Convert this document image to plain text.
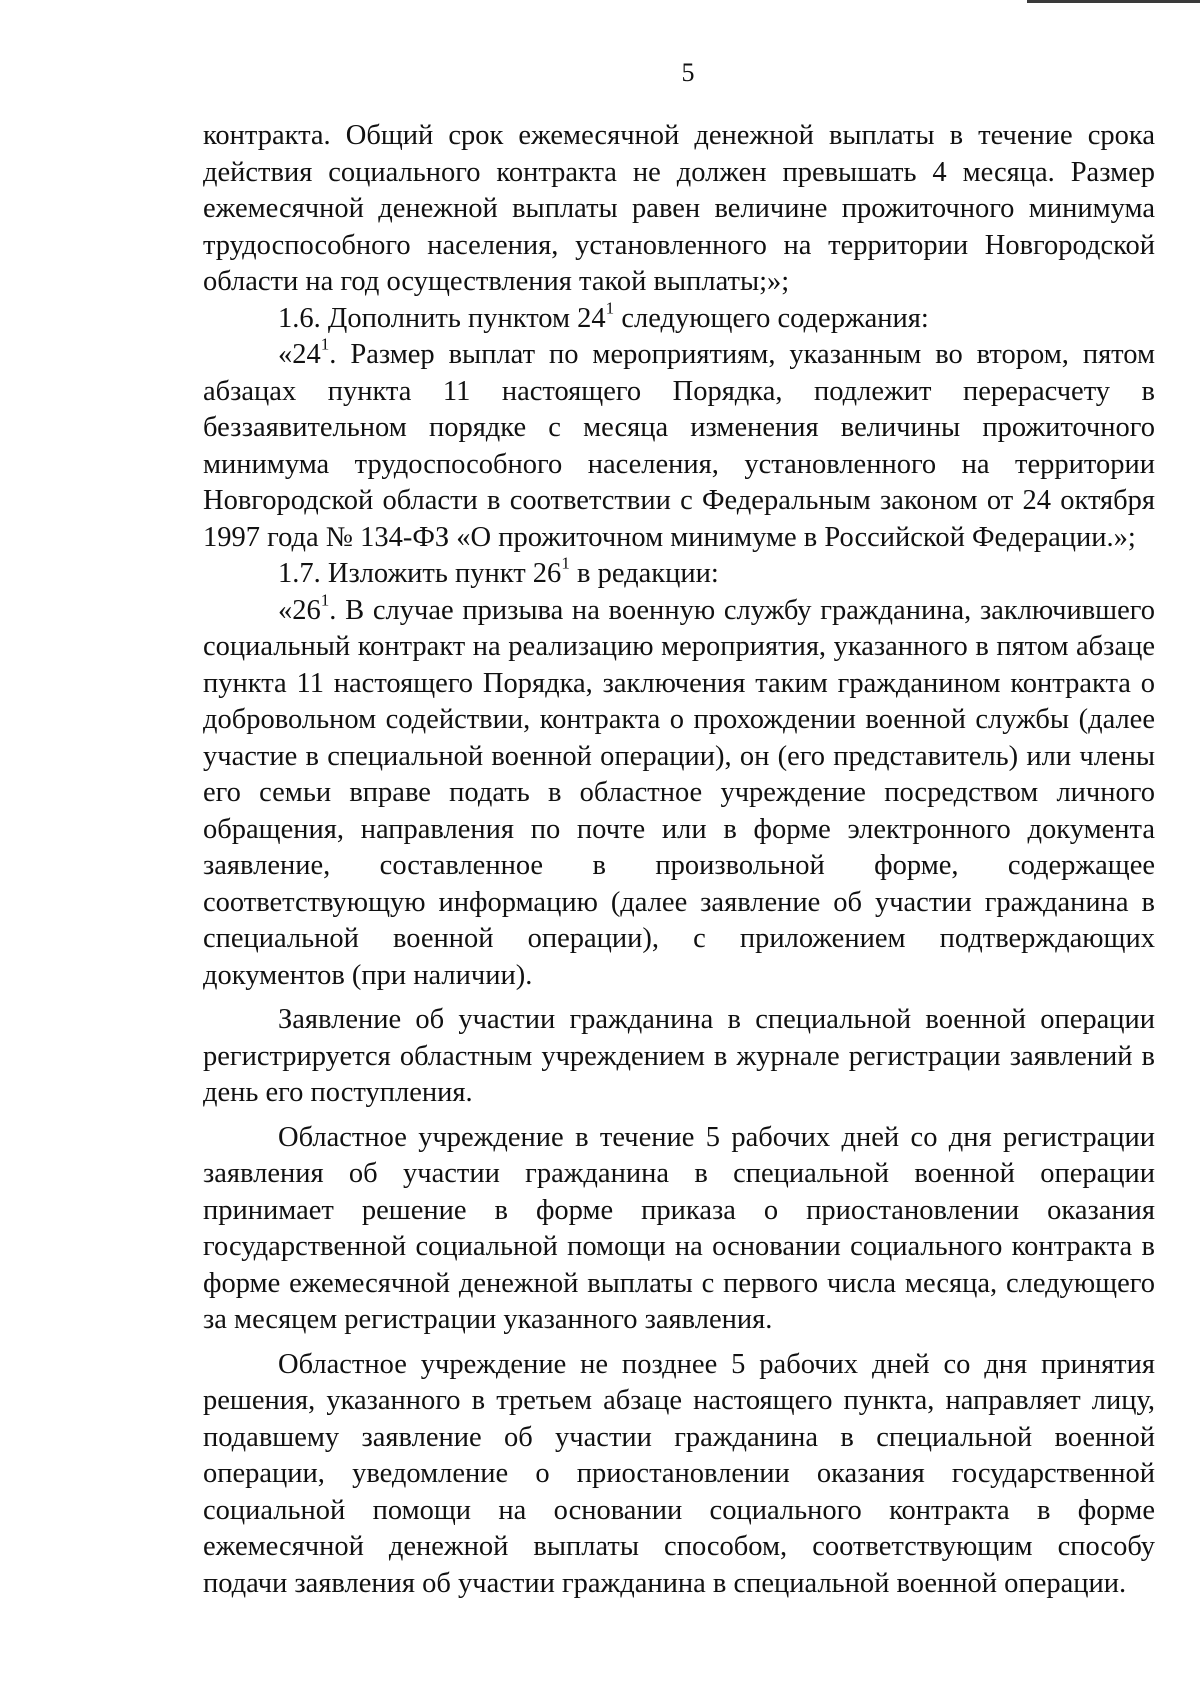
5

контракта. Общий срок ежемесячной денежной выплаты в течение срока действия социального контракта не должен превышать 4 месяца. Размер ежемесячной денежной выплаты равен величине прожиточного минимума трудоспособного населения, установленного на территории Новгородской области на год осуществления такой выплаты;»;

1.6. Дополнить пунктом $24^1$ следующего содержания:

«$24^1$. Размер выплат по мероприятиям, указанным во втором, пятом абзацах пункта 11 настоящего Порядка, подлежит перерасчету в беззаявительном порядке с месяца изменения величины прожиточного минимума трудоспособного населения, установленного на территории Новгородской области в соответствии с Федеральным законом от 24 октября 1997 года № 134-ФЗ «О прожиточном минимуме в Российской Федерации.»;

1.7. Изложить пункт $26^1$ в редакции:

«$26^1$. В случае призыва на военную службу гражданина, заключившего социальный контракт на реализацию мероприятия, указанного в пятом абзаце пункта 11 настоящего Порядка, заключения таким гражданином контракта о добровольном содействии, контракта о прохождении военной службы (далее участие в специальной военной операции), он (его представитель) или члены его семьи вправе подать в областное учреждение посредством личного обращения, направления по почте или в форме электронного документа заявление, составленное в произвольной форме, содержащее соответствующую информацию (далее заявление об участии гражданина в специальной военной операции), с приложением подтверждающих документов (при наличии).

Заявление об участии гражданина в специальной военной операции регистрируется областным учреждением в журнале регистрации заявлений в день его поступления.

Областное учреждение в течение 5 рабочих дней со дня регистрации заявления об участии гражданина в специальной военной операции принимает решение в форме приказа о приостановлении оказания государственной социальной помощи на основании социального контракта в форме ежемесячной денежной выплаты с первого числа месяца, следующего за месяцем регистрации указанного заявления.

Областное учреждение не позднее 5 рабочих дней со дня принятия решения, указанного в третьем абзаце настоящего пункта, направляет лицу, подавшему заявление об участии гражданина в специальной военной операции, уведомление о приостановлении оказания государственной социальной помощи на основании социального контракта в форме ежемесячной денежной выплаты способом, соответствующим способу подачи заявления об участии гражданина в специальной военной операции.
